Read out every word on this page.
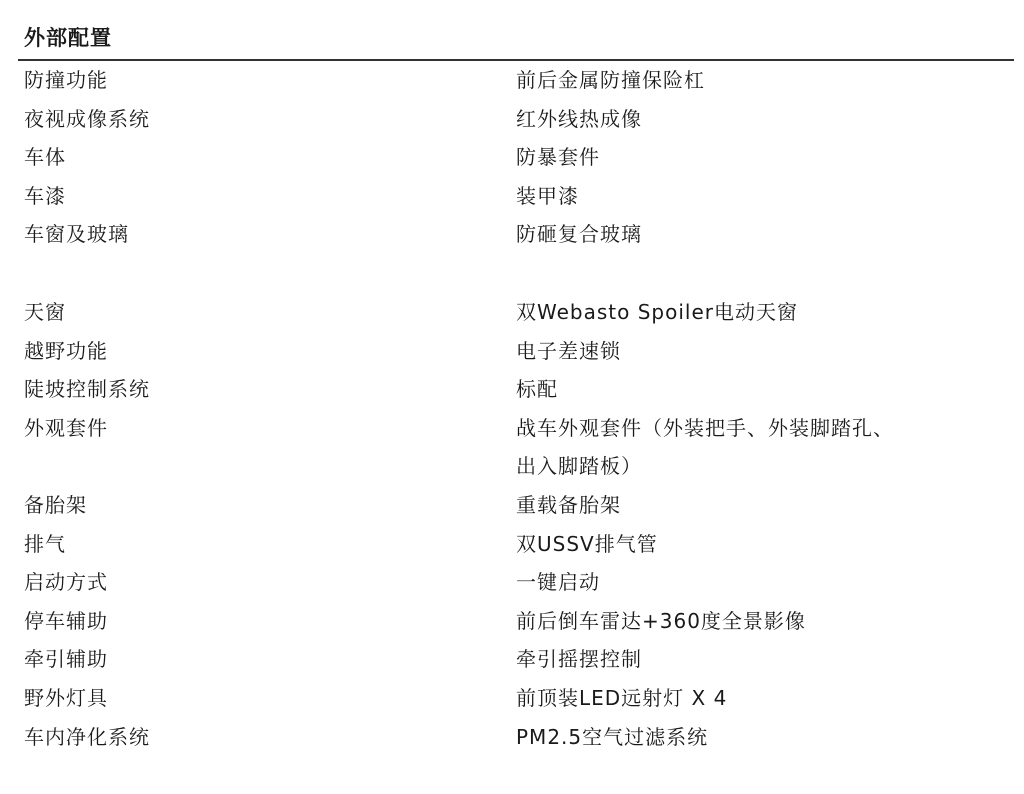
外部配置
防撞功能	前后金属防撞保险杠
夜视成像系统	红外线热成像
车体	防暴套件
车漆	装甲漆
车窗及玻璃	防砸复合玻璃
天窗	双Webasto Spoiler电动天窗
越野功能	电子差速锁
陡坡控制系统	标配
外观套件	战车外观套件（外装把手、外装脚踏孔、
出入脚踏板）
备胎架	重载备胎架
排气	双USSV排气管
启动方式	一键启动
停车辅助	前后倒车雷达+360度全景影像
牵引辅助	牵引摇摆控制
野外灯具	前顶装LED远射灯 X 4
车内净化系统	PM2.5空气过滤系统
